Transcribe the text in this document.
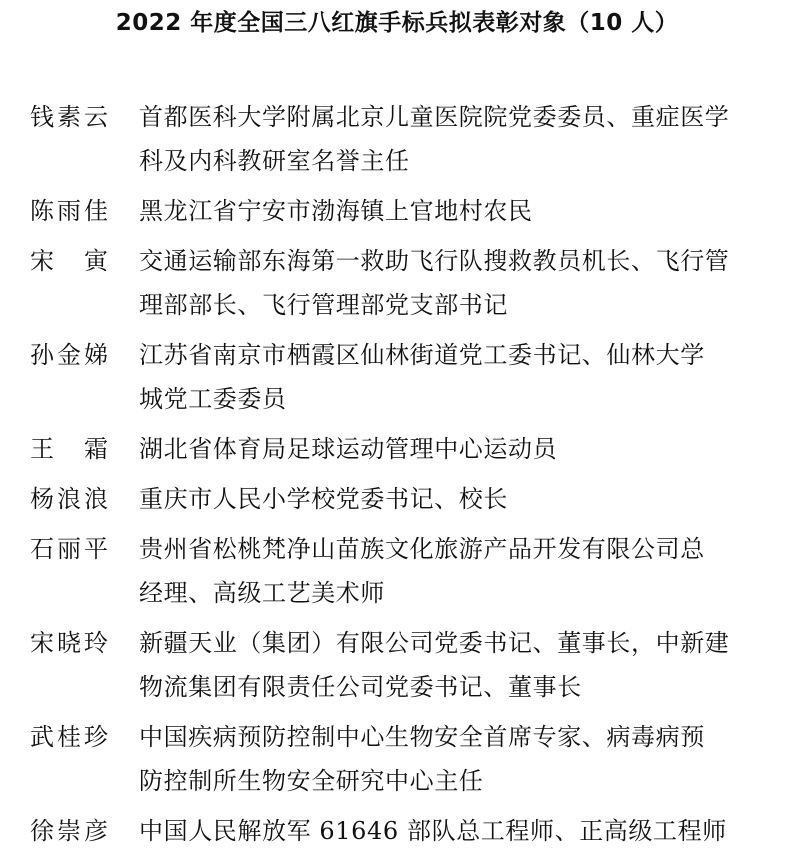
2022 年度全国三八红旗手标兵拟表彰对象（10 人）
钱素云 首都医科大学附属北京儿童医院院党委委员、重症医学
科及内科教研室名誉主任
陈雨佳 黑龙江省宁安市渤海镇上官地村农民
宋 寅 交通运输部东海第一救助飞行队搜救教员机长、飞行管
理部部长、飞行管理部党支部书记
孙金娣 江苏省南京市栖霞区仙林街道党工委书记、仙林大学
城党工委委员
王 霜 湖北省体育局足球运动管理中心运动员
杨浪浪 重庆市人民小学校党委书记、校长
石丽平 贵州省松桃梵净山苗族文化旅游产品开发有限公司总
经理、高级工艺美术师
宋晓玲 新疆天业（集团）有限公司党委书记、董事长，中新建
物流集团有限责任公司党委书记、董事长
武桂珍 中国疾病预防控制中心生物安全首席专家、病毒病预
防控制所生物安全研究中心主任
徐崇彦 中国人民解放军 61646 部队总工程师、正高级工程师
